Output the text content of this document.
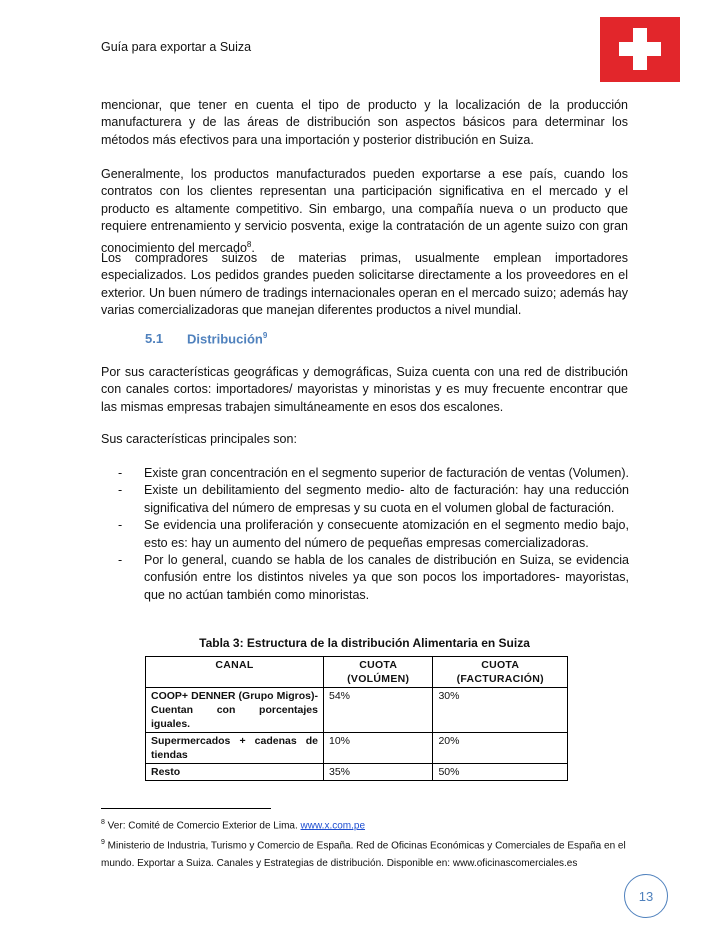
Guía para exportar a Suiza
mencionar, que tener en cuenta el tipo de producto y la localización de la producción manufacturera y de las áreas de distribución son aspectos básicos para determinar los métodos más efectivos para una importación y posterior distribución en Suiza.
Generalmente, los productos manufacturados pueden exportarse a ese país, cuando los contratos con los clientes representan una participación significativa en el mercado y el producto es altamente competitivo. Sin embargo, una compañía nueva o un producto que requiere entrenamiento y servicio posventa, exige la contratación de un agente suizo con gran conocimiento del mercado$^8$.
Los compradores suizos de materias primas, usualmente emplean importadores especializados. Los pedidos grandes pueden solicitarse directamente a los proveedores en el exterior. Un buen número de tradings internacionales operan en el mercado suizo; además hay varias comercializadoras que manejan diferentes productos a nivel mundial.
5.1 Distribución$^9$
Por sus características geográficas y demográficas, Suiza cuenta con una red de distribución con canales cortos: importadores/ mayoristas y minoristas y es muy frecuente encontrar que las mismas empresas trabajen simultáneamente en esos dos escalones.
Sus características principales son:
- Existe gran concentración en el segmento superior de facturación de ventas (Volumen).
- Existe un debilitamiento del segmento medio- alto de facturación: hay una reducción significativa del número de empresas y su cuota en el volumen global de facturación.
- Se evidencia una proliferación y consecuente atomización en el segmento medio bajo, esto es: hay un aumento del número de pequeñas empresas comercializadoras.
- Por lo general, cuando se habla de los canales de distribución en Suiza, se evidencia confusión entre los distintos niveles ya que son pocos los importadores- mayoristas, que no actúan también como minoristas.
Tabla 3: Estructura de la distribución Alimentaria en Suiza
CANAL	CUOTA (VOLÚMEN)	CUOTA (FACTURACIÓN)
COOP+ DENNER (Grupo Migros)- Cuentan con porcentajes iguales.	54%	30%
Supermercados + cadenas de tiendas	10%	20%
Resto	35%	50%
$^8$ Ver: Comité de Comercio Exterior de Lima. www.x.com.pe
$^9$ Ministerio de Industria, Turismo y Comercio de España. Red de Oficinas Económicas y Comerciales de España en el mundo. Exportar a Suiza. Canales y Estrategias de distribución. Disponible en: www.oficinascomerciales.es
13
